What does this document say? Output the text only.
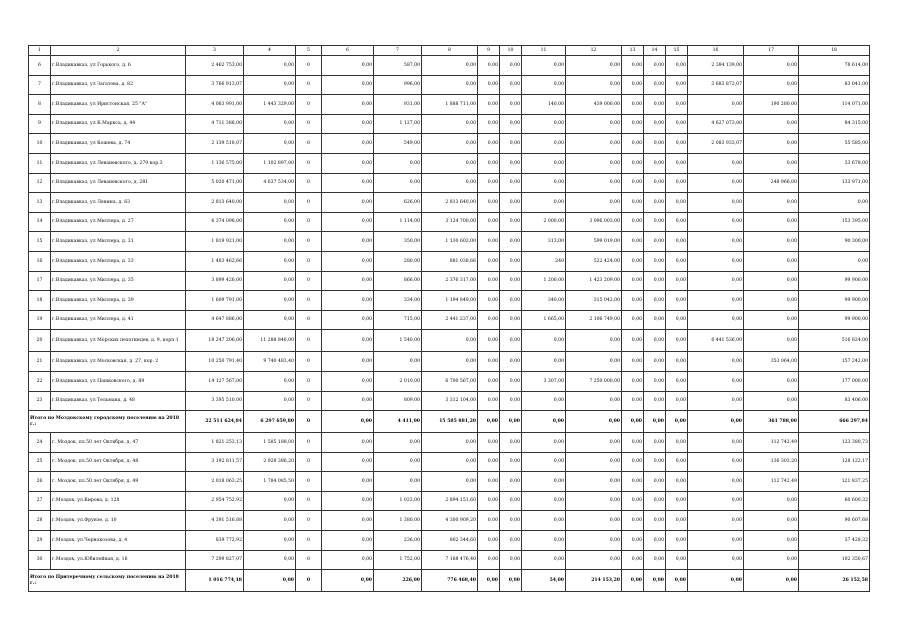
1	2	3	4	5	6	7	8	9	10	11	12	13	14	15	16	17	18
6	г.Владикавказ, ул Горького, д. 6	2 462 753,00	0,00	0	0,00	587,00	0,00	0,00	0,00	0,00	0,00	0,00	0,00	0,00	2 384 139,00	0,00	78 614,00
7	г.Владикавказ, ул Загатова, д. 82	3 766 913,07	0,00	0	0,00	996,00	0,00	0,00	0,00	0,00	0,00	0,00	0,00	0,00	3 683 872,07	0,00	83 041,00
8	г.Владикавказ, ул Иристонская, 25 "А"	4 063 991,00	1 443 329,00	0	0,00	931,00	1 888 711,00	0,00	0,00	140,00	439 000,00	0,00	0,00	0,00	0,00	190 280,00	114 071,00
9	г.Владикавказ, ул К.Маркса, д. 44	4 711 388,00	0,00	0	0,00	1 127,00	0,00	0,00	0,00	0,00	0,00	0,00	0,00	0,00	4 627 073,00	0,00	84 315,00
10	г.Владикавказ, ул Кошева, д. 74	2 139 518,07	0,00	0	0,00	549,00	0,00	0,00	0,00	0,00	0,00	0,00	0,00	0,00	2 083 933,07	0,00	55 585,00
11	г.Владикавказ, ул Леваневского, д. 279 кор.3	1 136 575,00	1 102 897,00	0	0,00	0,00	0,00	0,00	0,00	0,00	0,00	0,00	0,00	0,00	0,00	0,00	33 678,00
12	г.Владикавказ, ул Леваневского, д. 281	5 020 471,00	4 637 534,00	0	0,00	0,00	0,00	0,00	0,00	0,00	0,00	0,00	0,00	0,00	0,00	248 966,00	133 971,00
13	г.Владикавказ, ул Ленина, д. 63	2 813 640,00	0,00	0	0,00	626,00	2 813 640,00	0,00	0,00	0,00	0,00	0,00	0,00	0,00	0,00	0,00	0,00
14	г.Владикавказ, ул Миллера, д. 27	6 374 098,00	0,00	0	0,00	1 114,00	3 124 700,00	0,00	0,00	2 000,00	3 096 003,00	0,00	0,00	0,00	0,00	0,00	153 395,00
15	г.Владикавказ, ул Миллера, д. 31	1 819 921,00	0,00	0	0,00	350,00	1 130 602,00	0,00	0,00	313,00	599 019,00	0,00	0,00	0,00	0,00	0,00	90 300,00
16	г.Владикавказ, ул Миллера, д. 33	1 403 462,66	0,00	0	0,00	280,00	881 038,66	0,00	0,00	240	522 424,00	0,00	0,00	0,00	0,00	0,00	0,00
17	г.Владикавказ, ул Миллера, д. 35	3 899 426,00	0,00	0	0,00	866,00	2 376 317,00	0,00	0,00	1 200,00	1 423 209,00	0,00	0,00	0,00	0,00	0,00	99 900,00
18	г.Владикавказ, ул Миллера, д. 39	1 609 791,00	0,00	0	0,00	334,00	1 194 849,00	0,00	0,00	340,00	315 042,00	0,00	0,00	0,00	0,00	0,00	99 900,00
19	г.Владикавказ, ул Миллера, д. 41	4 647 886,00	0,00	0	0,00	715,00	2 441 237,00	0,00	0,00	1 665,00	2 106 749,00	0,00	0,00	0,00	0,00	0,00	99 900,00
20	г.Владикавказ, ул Морских пехотинцев, д. 9, корп.1	18 247 206,00	11 288 846,00	0	0,00	1 540,00	0,00	0,00	0,00	0,00	0,00	0,00	0,00	0,00	6 441 536,00	0,00	516 824,00
21	г.Владикавказ, ул Московская, д. 27, кор. 2	10 250 791,40	9 740 483,40	0	0,00	0,00	0,00	0,00	0,00	0,00	0,00	0,00	0,00	0,00	0,00	353 064,00	157 242,00
22	г.Владикавказ, ул Пашковского, д. 89	14 127 567,00	0,00	0	0,00	2 010,00	6 700 567,00	0,00	0,00	3 307,00	7 250 000,00	0,00	0,00	0,00	0,00	0,00	177 000,00
23	г.Владикавказ, ул Тельмана, д. 48	3 395 510,00	0,00	0	0,00	809,00	3 312 104,00	0,00	0,00	0,00	0,00	0,00	0,00	0,00	0,00	0,00	83 406,00
Итого по Моздокскому городскому поселению на 2018 г.:		22 511 624,84	6 297 659,80	0	0,00	4 411,00	15 585 881,20	0,00	0,00	0,00	0,00	0,00	0,00	0,00	0,00	361 788,00	666 297,84
24	г. Моздок, пл.50 лет Октября, д. 47	1 821 253,13	1 585 188,00	0	0,00	0,00	0,00	0,00	0,00	0,00	0,00	0,00	0,00	0,00	0,00	112 742,49	123 380,73
25	г. Моздок, пл.50 лет Октября, д. 48	3 192 811,57	2 928 386,20	0	0,00	0,00	0,00	0,00	0,00	0,00	0,00	0,00	0,00	0,00	0,00	136 303,20	128 122,17
26	г. Моздок, пл.50 лет Октября, д. 49	2 018 063,25	1 784 085,50	0	0,00	0,00	0,00	0,00	0,00	0,00	0,00	0,00	0,00	0,00	0,00	112 742,49	121 837,25
27	г.Моздок, ул.Кирова, д. 128	2 954 752,92	0,00	0	0,00	1 023,00	2 894 151,60	0,00	0,00	0,00	0,00	0,00	0,00	0,00	0,00	0,00	60 600,32
28	г.Моздок, ул.Фрунзе, д. 10	4 391 516,88	0,00	0	0,00	1 380,00	4 300 909,20	0,00	0,00	0,00	0,00	0,00	0,00	0,00	0,00	0,00	90 607,68
29	г.Моздок, ул.Чернокозова, д. 4	839 772,92	0,00	0	0,00	236,00	802 344,60	0,00	0,00	0,00	0,00	0,00	0,00	0,00	0,00	0,00	37 428,32
30	г.Моздок, ул.Юбилейная, д. 16	7 299 827,07	0,00	0	0,00	1 752,00	7 188 476,40	0,00	0,00	0,00	0,00	0,00	0,00	0,00	0,00	0,00	102 350,67
Итого по Притеречному сельскому поселению на 2018 г.:		1 016 774,18	0,00	0	0,00	226,00	776 468,40	0,00	0,00	54,00	214 153,20	0,00	0,00	0,00	0,00	0,00	26 152,58
